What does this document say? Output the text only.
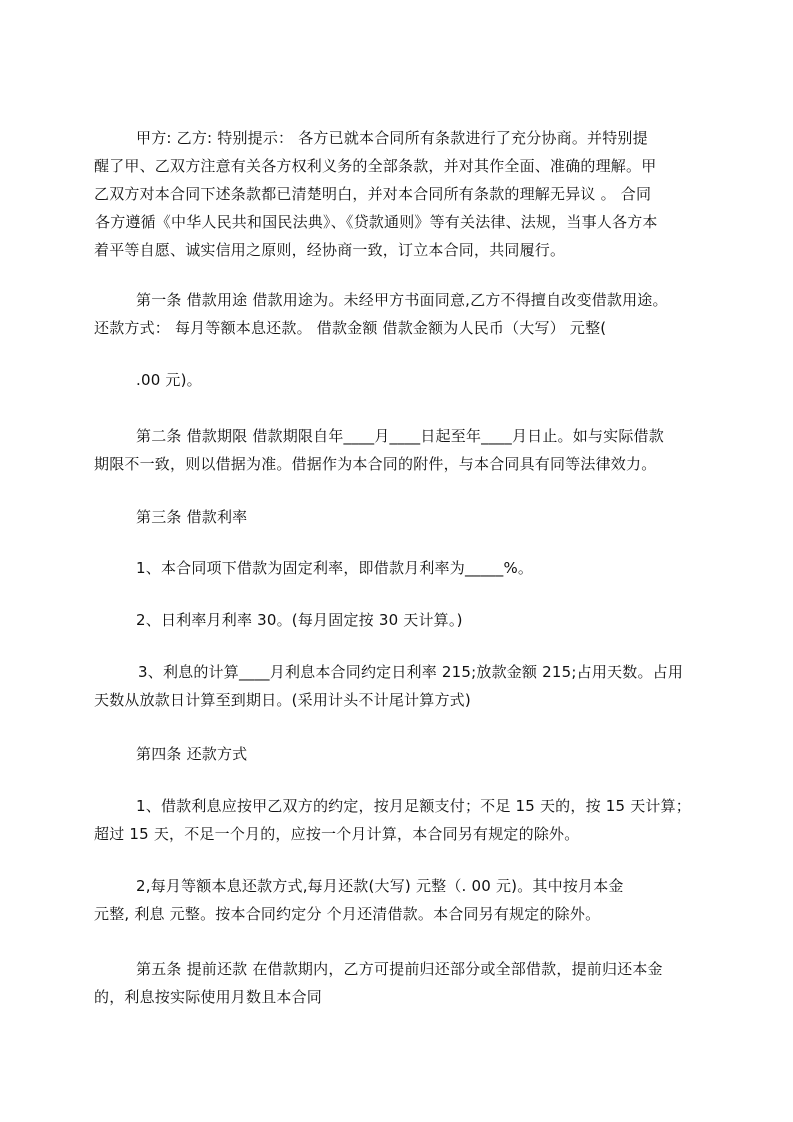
甲方: 乙方: 特别提示： 各方已就本合同所有条款进行了充分协商。并特别提
醒了甲、乙双方注意有关各方权利义务的全部条款，并对其作全面、准确的理解。甲
乙双方对本合同下述条款都已清楚明白，并对本合同所有条款的理解无异议 。 合同
各方遵循《中华人民共和国民法典》、《贷款通则》等有关法律、法规，当事人各方本
着平等自愿、诚实信用之原则，经协商一致，订立本合同，共同履行。
第一条 借款用途 借款用途为。未经甲方书面同意,乙方不得擅自改变借款用途。
还款方式： 每月等额本息还款。 借款金额 借款金额为人民币（大写） 元整(
.00 元)。
第二条 借款期限 借款期限自年____月____日起至年____月日止。如与实际借款
期限不一致，则以借据为准。借据作为本合同的附件，与本合同具有同等法律效力。
第三条 借款利率
1、本合同项下借款为固定利率，即借款月利率为_____%。
2、日利率月利率 30。(每月固定按 30 天计算。)
3、利息的计算____月利息本合同约定日利率 215;放款金额 215;占用天数。占用
天数从放款日计算至到期日。(采用计头不计尾计算方式)
第四条 还款方式
1、借款利息应按甲乙双方的约定，按月足额支付；不足 15 天的，按 15 天计算；
超过 15 天，不足一个月的，应按一个月计算，本合同另有规定的除外。
2,每月等额本息还款方式,每月还款(大写) 元整（. 00 元)。其中按月本金
元整, 利息 元整。按本合同约定分 个月还清借款。本合同另有规定的除外。
第五条 提前还款 在借款期内，乙方可提前归还部分或全部借款，提前归还本金
的，利息按实际使用月数且本合同
